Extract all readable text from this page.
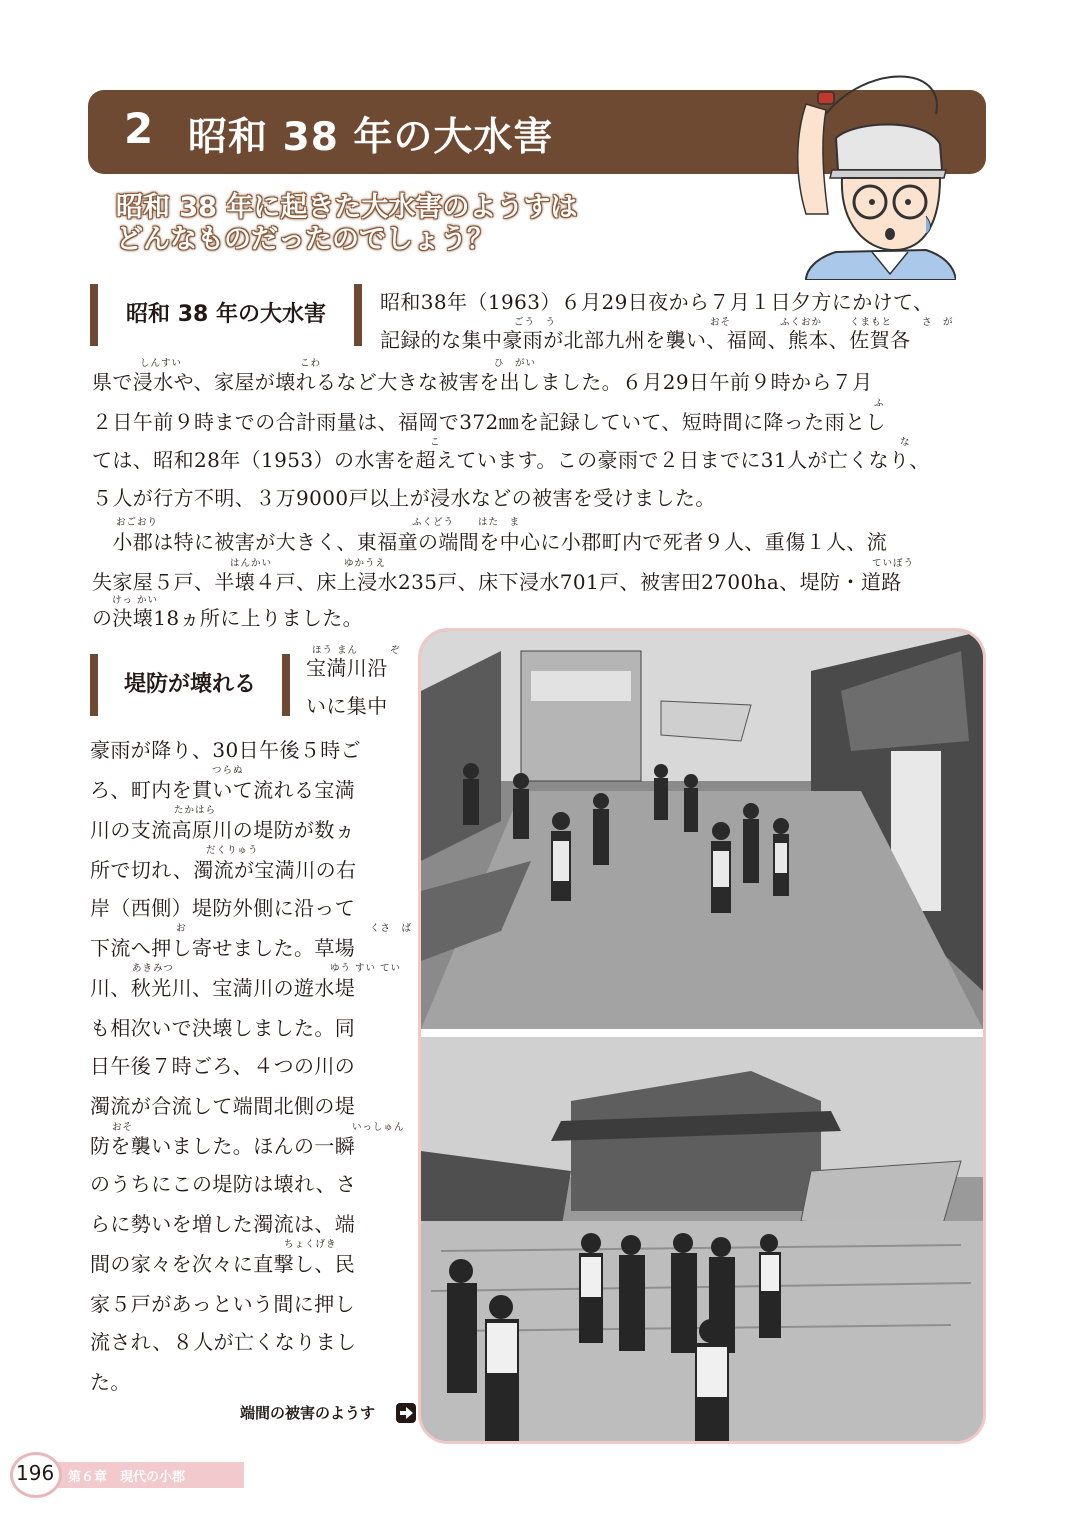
2 昭和 38 年の大水害
昭和 38 年に起きた大水害のようすは
どんなものだったのでしょう？
昭和 38 年の大水害	昭和38年（1963）６月29日夜から７月１日夕方にかけて、
記録的な集中豪雨が北部九州を襲い、福岡、熊本、佐賀各
県で浸水や、家屋が壊れるなど大きな被害を出しました。６月29日午前９時から７月
２日午前９時までの合計雨量は、福岡で372㎜を記録していて、短時間に降った雨とし
ては、昭和28年（1953）の水害を超えています。この豪雨で２日までに31人が亡くなり、
５人が行方不明、３万9000戸以上が浸水などの被害を受けました。
　小郡は特に被害が大きく、東福童の端間を中心に小郡町内で死者９人、重傷１人、流
失家屋５戸、半壊４戸、床上浸水235戸、床下浸水701戸、被害田2700ha、堤防・道路
の決壊18ヵ所に上りました。
ごう　う	おそ	ふくおか	くまもと	さ　が
しんすい	こわ	ひ　がい
ふ
こ	な
おごおり	ふくどう	はた　ま
はんかい	ゆかうえ	ていぼう
けっ かい
堤防が壊れる
宝満川沿
いに集中
豪雨が降り、30日午後５時ご
ろ、町内を貫いて流れる宝満
川の支流高原川の堤防が数ヵ
所で切れ、濁流が宝満川の右
岸（西側）堤防外側に沿って
下流へ押し寄せました。草場
川、秋光川、宝満川の遊水堤
も相次いで決壊しました。同
日午後７時ごろ、４つの川の
濁流が合流して端間北側の堤
防を襲いました。ほんの一瞬
のうちにこの堤防は壊れ、さ
らに勢いを増した濁流は、端
間の家々を次々に直撃し、民
家５戸があっという間に押し
流され、８人が亡くなりまし
た。
ほう まん	ぞ
つらぬ
たかはら
だくりゅう
お	くさ　ば
あきみつ	ゆう すい てい
おそ	いっしゅん
ちょくげき
端間の被害のようす
196 第６章　現代の小郡
